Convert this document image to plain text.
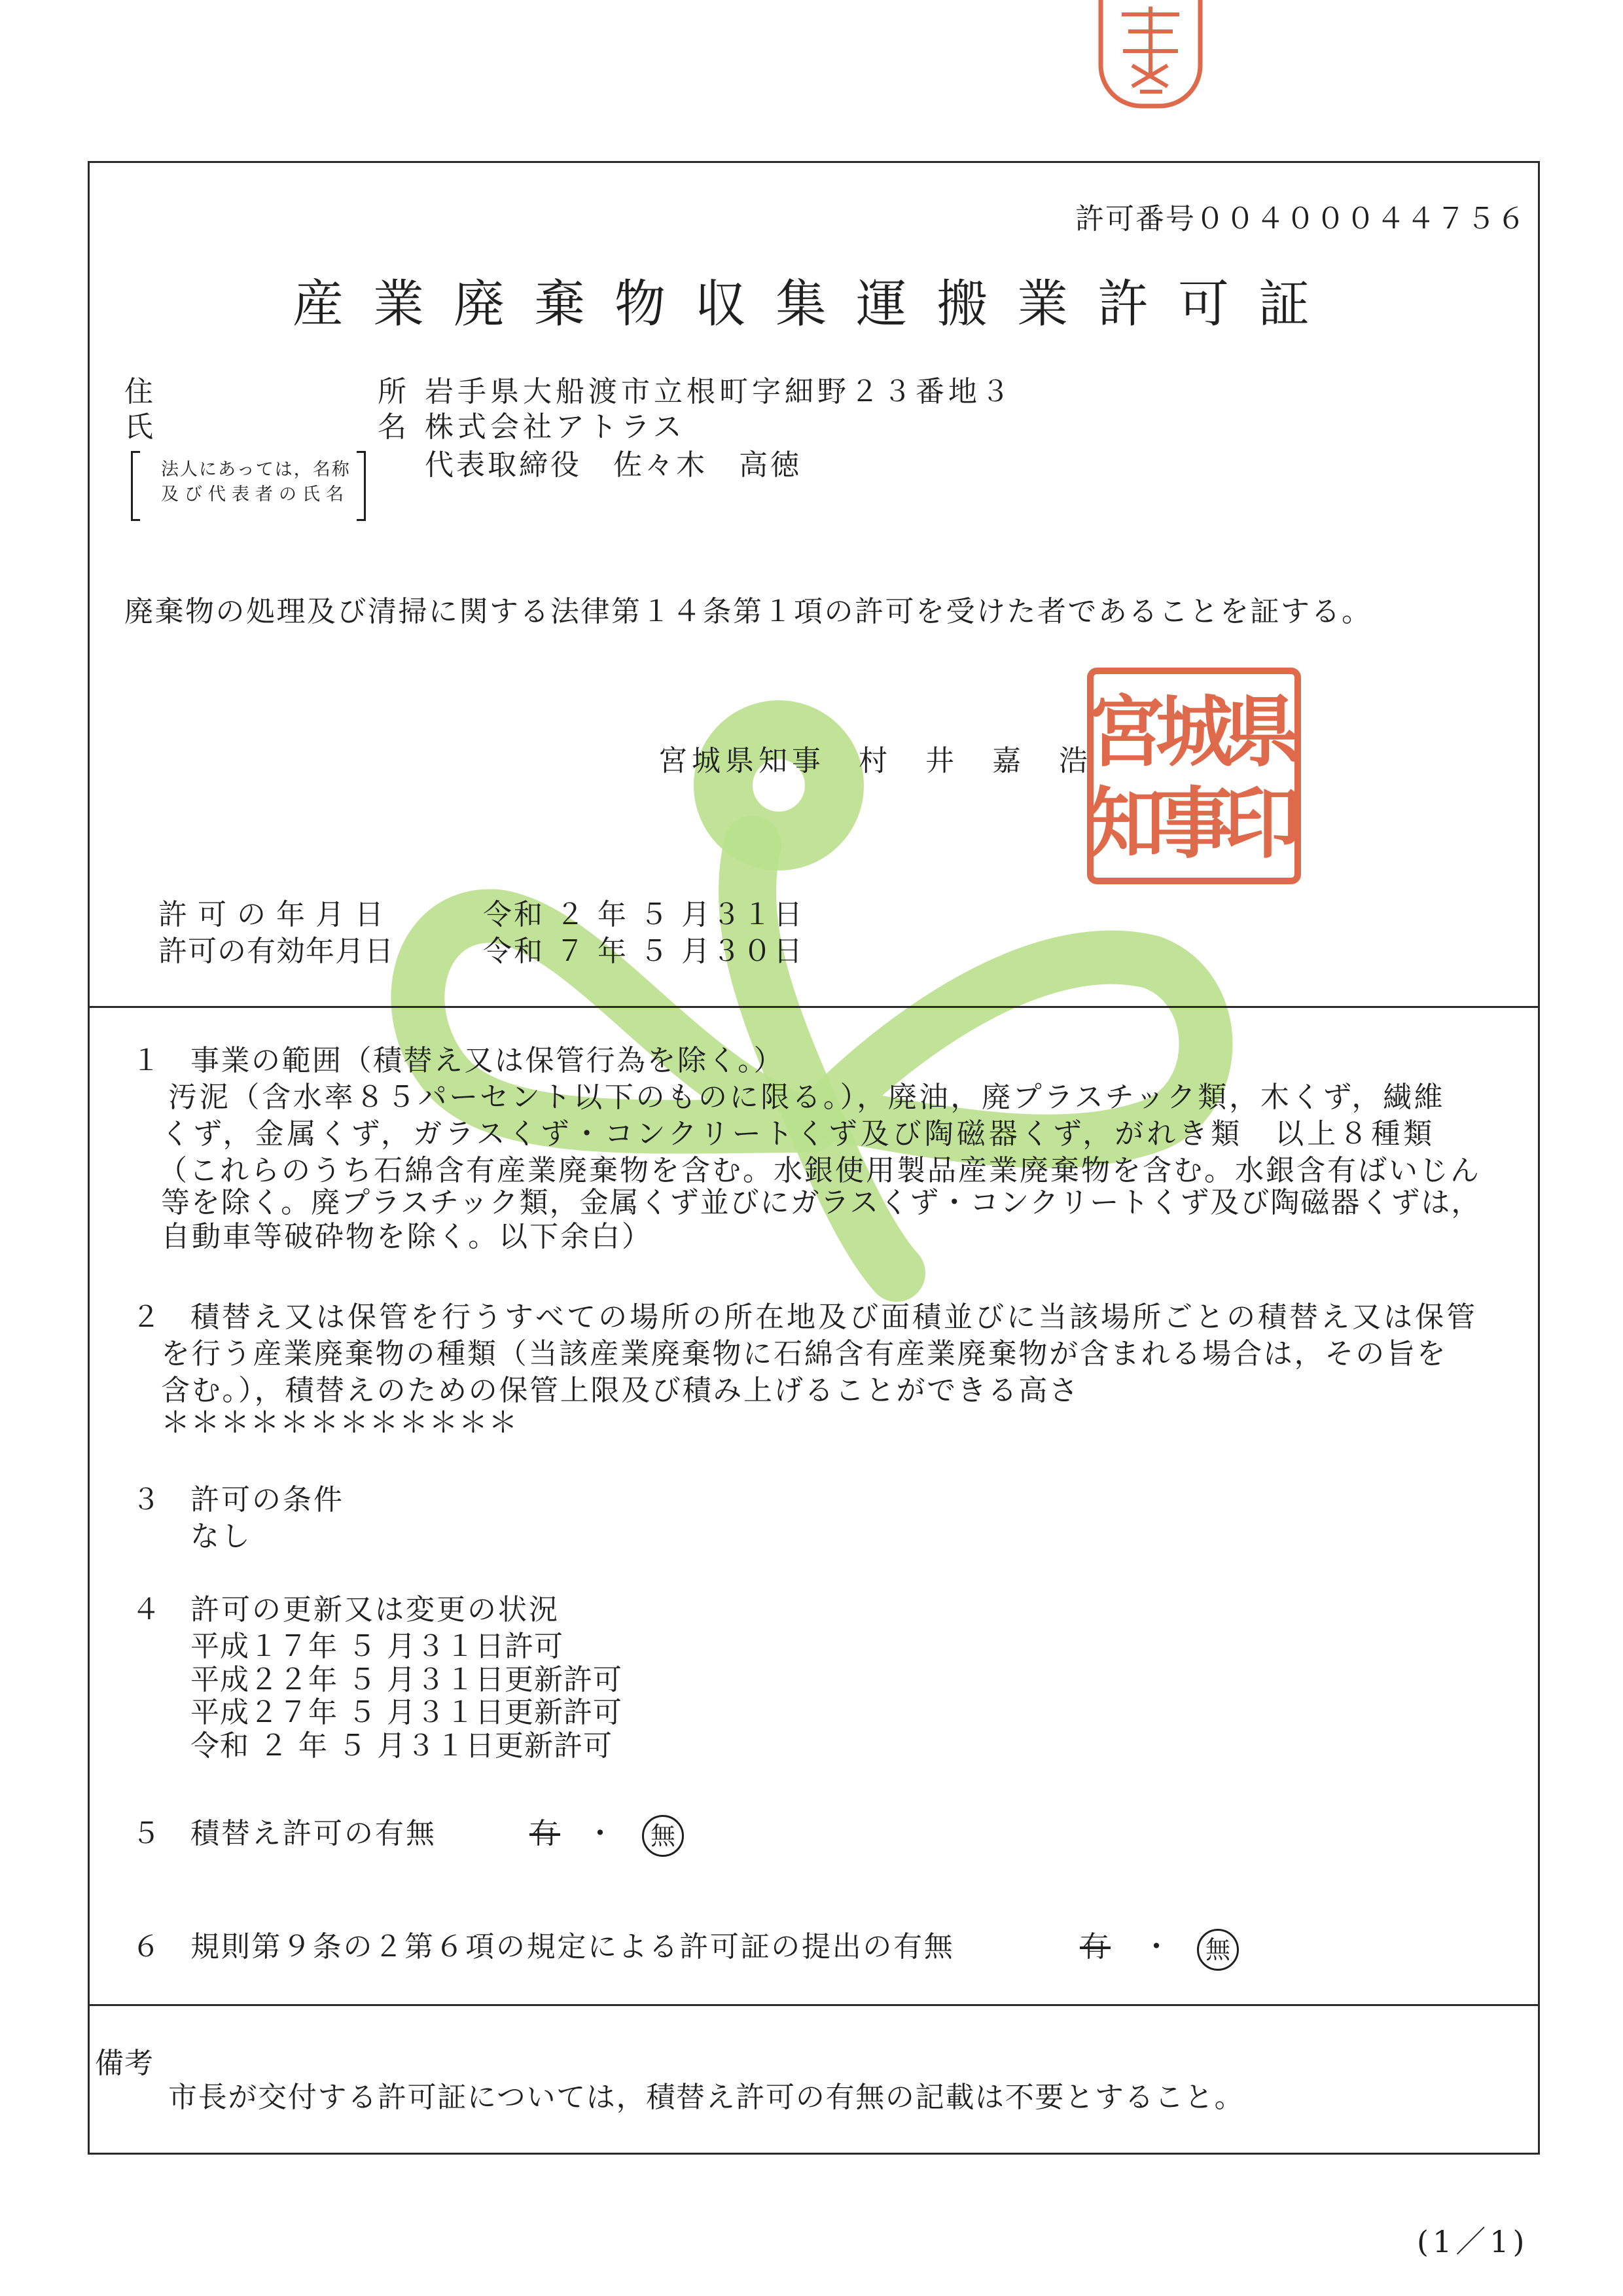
許可番号００４０００４４７５６
産業廃棄物収集運搬業許可証
住	所 岩手県大船渡市立根町字細野２３番地３
氏	名 株式会社アトラス
法人にあっては，名称
及び代表者の氏名
代表取締役　佐々木　高徳
廃棄物の処理及び清掃に関する法律第１４条第１項の許可を受けた者であることを証する。
宮城県知事　村　井　嘉　浩
宮
城
県
知
事
印
許可の年月日	令和 ２ 年 ５ 月３１日
許可の有効年月日	令和 ７ 年 ５ 月３０日
１ 事業の範囲（積替え又は保管行為を除く。）
汚泥（含水率８５パーセント以下のものに限る。），廃油，廃プラスチック類，木くず，繊維
くず，金属くず，ガラスくず・コンクリートくず及び陶磁器くず，がれき類　以上８種類
（これらのうち石綿含有産業廃棄物を含む。水銀使用製品産業廃棄物を含む。水銀含有ばいじん
等を除く。廃プラスチック類，金属くず並びにガラスくず・コンクリートくず及び陶磁器くずは，
自動車等破砕物を除く。以下余白）
２ 積替え又は保管を行うすべての場所の所在地及び面積並びに当該場所ごとの積替え又は保管
を行う産業廃棄物の種類（当該産業廃棄物に石綿含有産業廃棄物が含まれる場合は，その旨を
含む。），積替えのための保管上限及び積み上げることができる高さ
＊＊＊＊＊＊＊＊＊＊＊＊
３ 許可の条件
なし
４ 許可の更新又は変更の状況
平成１７年 ５ 月３１日許可
平成２２年 ５ 月３１日更新許可
平成２７年 ５ 月３１日更新許可
令和 ２ 年 ５ 月３１日更新許可
５ 積替え許可の有無	有 ・	無
６ 規則第９条の２第６項の規定による許可証の提出の有無	有 ・	無
備考
市長が交付する許可証については，積替え許可の有無の記載は不要とすること。
(1／1)
